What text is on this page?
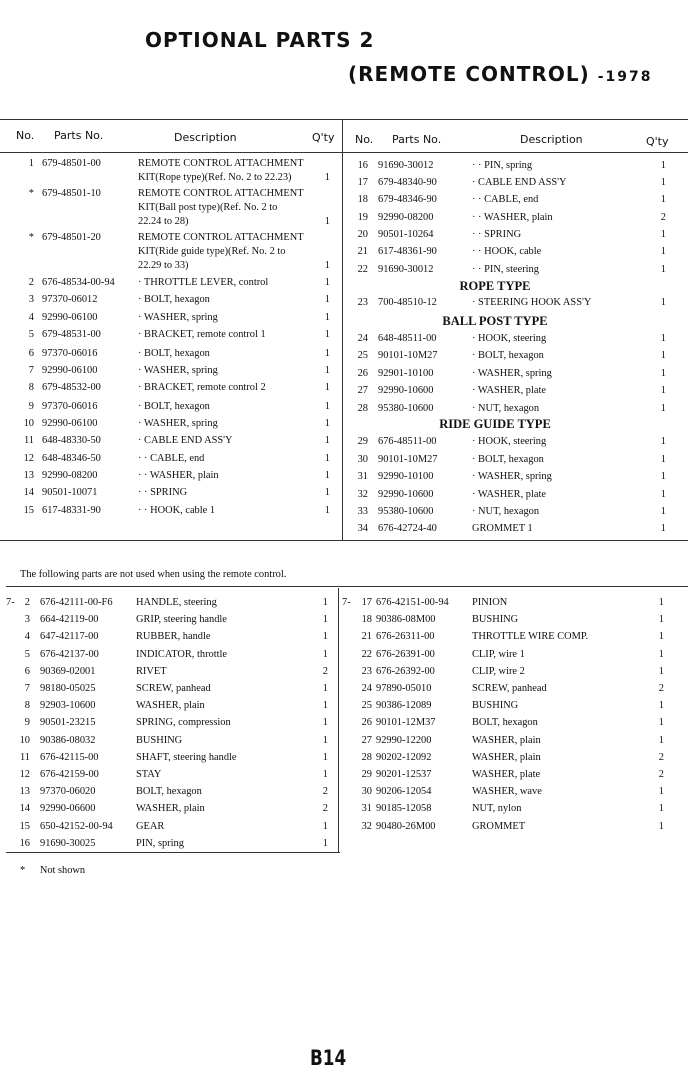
OPTIONAL PARTS 2
(REMOTE CONTROL) -1978
No. Parts No.	Description	Q'ty No. Parts No.	Description	Q'ty
1 679-48501-00	REMOTE CONTROL ATTACHMENT
KIT(Rope type)(Ref. No. 2 to 22.23)	1
* 679-48501-10	REMOTE CONTROL ATTACHMENT
KIT(Ball post type)(Ref. No. 2 to
22.24 to 28)	1
* 679-48501-20	REMOTE CONTROL ATTACHMENT
KIT(Ride guide type)(Ref. No. 2 to
22.29 to 33)	1
2 676-48534-00-94 · THROTTLE LEVER, control	1
3 97370-06012	· BOLT, hexagon	1
4 92990-06100	· WASHER, spring	1
5 679-48531-00	· BRACKET, remote control 1	1
6 97370-06016	· BOLT, hexagon	1
7 92990-06100	· WASHER, spring	1
8 679-48532-00	· BRACKET, remote control 2	1
9 97370-06016	· BOLT, hexagon	1
10 92990-06100	· WASHER, spring	1
11 648-48330-50	· CABLE END ASS'Y	1
12 648-48346-50	· · CABLE, end	1
13 92990-08200	· · WASHER, plain	1
14 90501-10071	· · SPRING	1
15 617-48331-90	· · HOOK, cable 1	1
16 91690-30012	· · PIN, spring	1
17 679-48340-90	· CABLE END ASS'Y	1
18 679-48346-90	· · CABLE, end	1
19 92990-08200	· · WASHER, plain	2
20 90501-10264	· · SPRING	1
21 617-48361-90	· · HOOK, cable	1
22 91690-30012	· · PIN, steering	1
ROPE TYPE
23 700-48510-12	· STEERING HOOK ASS'Y	1
BALL POST TYPE
24 648-48511-00	· HOOK, steering	1
25 90101-10M27	· BOLT, hexagon	1
26 92901-10100	· WASHER, spring	1
27 92990-10600	· WASHER, plate	1
28 95380-10600	· NUT, hexagon	1
RIDE GUIDE TYPE
29 676-48511-00	· HOOK, steering	1
30 90101-10M27	· BOLT, hexagon	1
31 92990-10100	· WASHER, spring	1
32 92990-10600	· WASHER, plate	1
33 95380-10600	· NUT, hexagon	1
34 676-42724-40	GROMMET 1	1
The following parts are not used when using the remote control.
7- 2 676-42111-00-F6 HANDLE, steering	1
3 664-42119-00	GRIP, steering handle	1
4 647-42117-00	RUBBER, handle	1
5 676-42137-00	INDICATOR, throttle	1
6 90369-02001	RIVET	2
7 98180-05025	SCREW, panhead	1
8 92903-10600	WASHER, plain	1
9 90501-23215	SPRING, compression	1
10 90386-08032	BUSHING	1
11 676-42115-00	SHAFT, steering handle	1
12 676-42159-00	STAY	1
13 97370-06020	BOLT, hexagon	2
14 92990-06600	WASHER, plain	2
15 650-42152-00-94 GEAR	1
16 91690-30025	PIN, spring	1
7-	17 676-42151-00-94 PINION	1
18 90386-08M00	BUSHING	1
21 676-26311-00	THROTTLE WIRE COMP.	1
22 676-26391-00	CLIP, wire 1	1
23 676-26392-00	CLIP, wire 2	1
24 97890-05010	SCREW, panhead	2
25 90386-12089	BUSHING	1
26 90101-12M37	BOLT, hexagon	1
27 92990-12200	WASHER, plain	1
28 90202-12092	WASHER, plain	2
29 90201-12537	WASHER, plate	2
30 90206-12054	WASHER, wave	1
31 90185-12058	NUT, nylon	1
32 90480-26M00	GROMMET	1
* Not shown
B14
